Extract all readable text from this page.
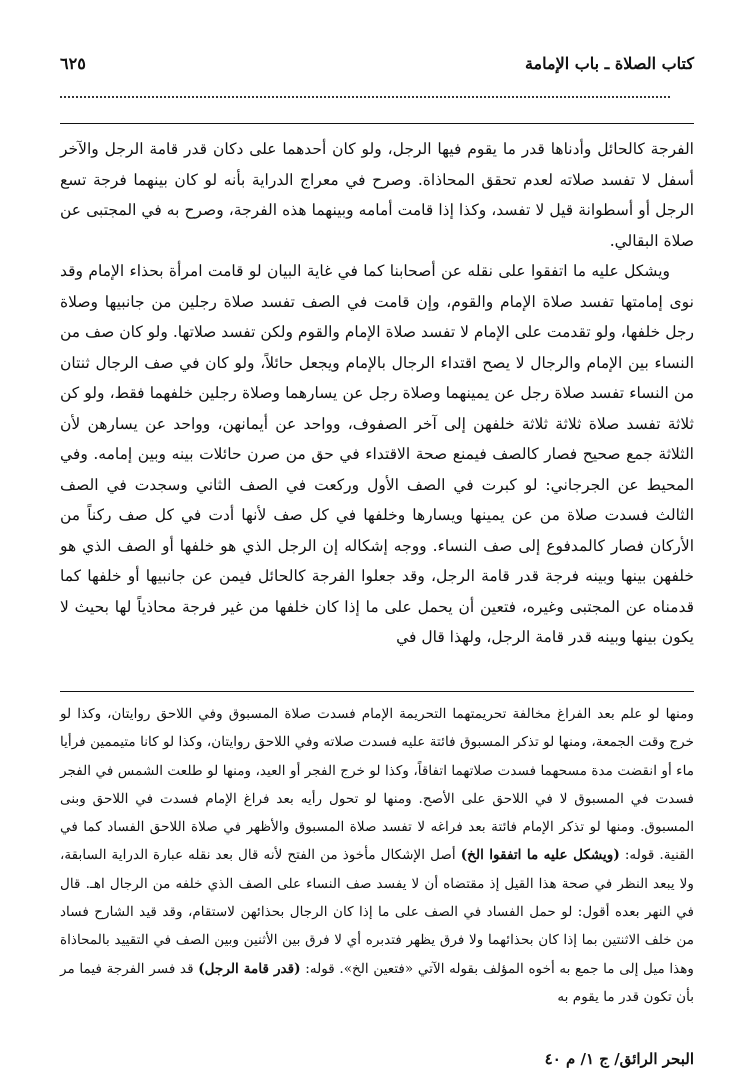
كتاب الصلاة ـ باب الإمامة
٦٢٥

الفرجة كالحائل وأدناها قدر ما يقوم فيها الرجل، ولو كان أحدهما على دكان قدر قامة الرجل والآخر أسفل لا تفسد صلاته لعدم تحقق المحاذاة. وصرح في معراج الدراية بأنه لو كان بينهما فرجة تسع الرجل أو أسطوانة قيل لا تفسد، وكذا إذا قامت أمامه وبينهما هذه الفرجة، وصرح به في المجتبى عن صلاة البقالي.

ويشكل عليه ما اتفقوا على نقله عن أصحابنا كما في غاية البيان لو قامت امرأة بحذاء الإمام وقد نوى إمامتها تفسد صلاة الإمام والقوم، وإن قامت في الصف تفسد صلاة رجلين من جانبيها وصلاة رجل خلفها، ولو تقدمت على الإمام لا تفسد صلاة الإمام والقوم ولكن تفسد صلاتها. ولو كان صف من النساء بين الإمام والرجال لا يصح اقتداء الرجال بالإمام ويجعل حائلاً، ولو كان في صف الرجال ثنتان من النساء تفسد صلاة رجل عن يمينهما وصلاة رجل عن يسارهما وصلاة رجلين خلفهما فقط، ولو كن ثلاثة تفسد صلاة ثلاثة ثلاثة خلفهن إلى آخر الصفوف، وواحد عن أيمانهن، وواحد عن يسارهن لأن الثلاثة جمع صحيح فصار كالصف فيمنع صحة الاقتداء في حق من صرن حائلات بينه وبين إمامه. وفي المحيط عن الجرجاني: لو كبرت في الصف الأول وركعت في الصف الثاني وسجدت في الصف الثالث فسدت صلاة من عن يمينها ويسارها وخلفها في كل صف لأنها أدت في كل صف ركناً من الأركان فصار كالمدفوع إلى صف النساء. ووجه إشكاله إن الرجل الذي هو خلفها أو الصف الذي هو خلفهن بينها وبينه فرجة قدر قامة الرجل، وقد جعلوا الفرجة كالحائل فيمن عن جانبيها أو خلفها كما قدمناه عن المجتبى وغيره، فتعين أن يحمل على ما إذا كان خلفها من غير فرجة محاذياً لها بحيث لا يكون بينها وبينه قدر قامة الرجل، ولهذا قال في

ومنها لو علم بعد الفراغ مخالفة تحريمتهما التحريمة الإمام فسدت صلاة المسبوق وفي اللاحق روايتان، وكذا لو خرج وقت الجمعة، ومنها لو تذكر المسبوق فائتة عليه فسدت صلاته وفي اللاحق روايتان، وكذا لو كانا متيممين فرأيا ماء أو انقضت مدة مسحهما فسدت صلاتهما اتفاقاً، وكذا لو خرج الفجر أو العيد، ومنها لو طلعت الشمس في الفجر فسدت في المسبوق لا في اللاحق على الأصح. ومنها لو تحول رأيه بعد فراغ الإمام فسدت في اللاحق وبنى المسبوق. ومنها لو تذكر الإمام فائتة بعد فراغه لا تفسد صلاة المسبوق والأظهر في صلاة اللاحق الفساد كما في القنية. قوله: (ويشكل عليه ما اتفقوا الخ) أصل الإشكال مأخوذ من الفتح لأنه قال بعد نقله عبارة الدراية السابقة، ولا يبعد النظر في صحة هذا القيل إذ مقتضاه أن لا يفسد صف النساء على الصف الذي خلفه من الرجال اهـ. قال في النهر بعده أقول: لو حمل الفساد في الصف على ما إذا كان الرجال بحذائهن لاستقام، وقد قيد الشارح فساد من خلف الاثنتين بما إذا كان بحذائهما ولا فرق يظهر فتدبره أي لا فرق بين الأثنين وبين الصف في التقييد بالمحاذاة وهذا ميل إلى ما جمع به أخوه المؤلف بقوله الآتي «فتعين الخ». قوله: (قدر قامة الرجل) قد فسر الفرجة فيما مر بأن تكون قدر ما يقوم به

البحر الرائق/ ج ١/ م ٤٠
